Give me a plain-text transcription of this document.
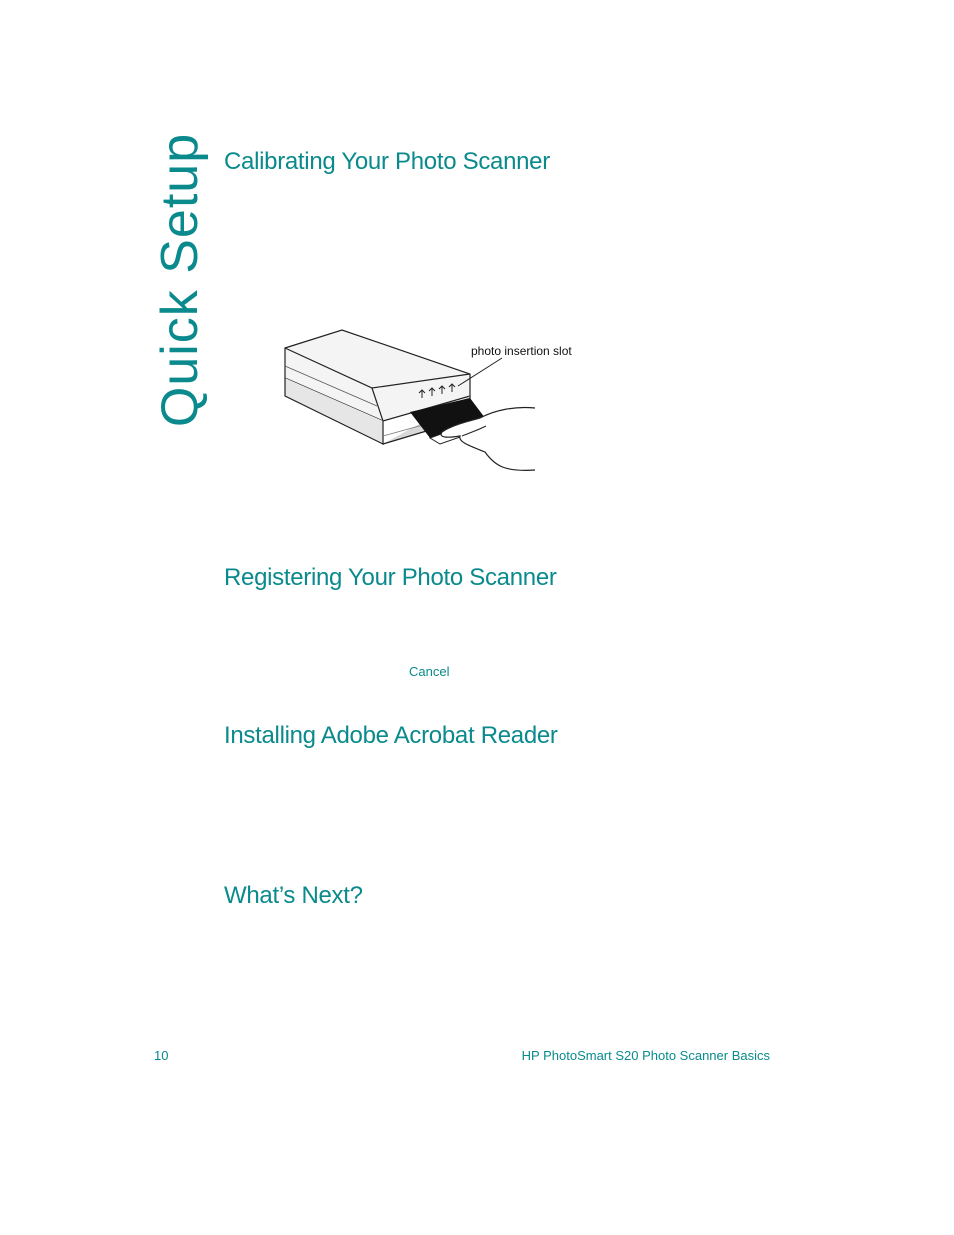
Quick Setup Calibrating Your Photo Scanner
photo insertion slot
Registering Your Photo Scanner
Cancel
Installing Adobe Acrobat Reader
What’s Next?
10	HP PhotoSmart S20 Photo Scanner Basics
